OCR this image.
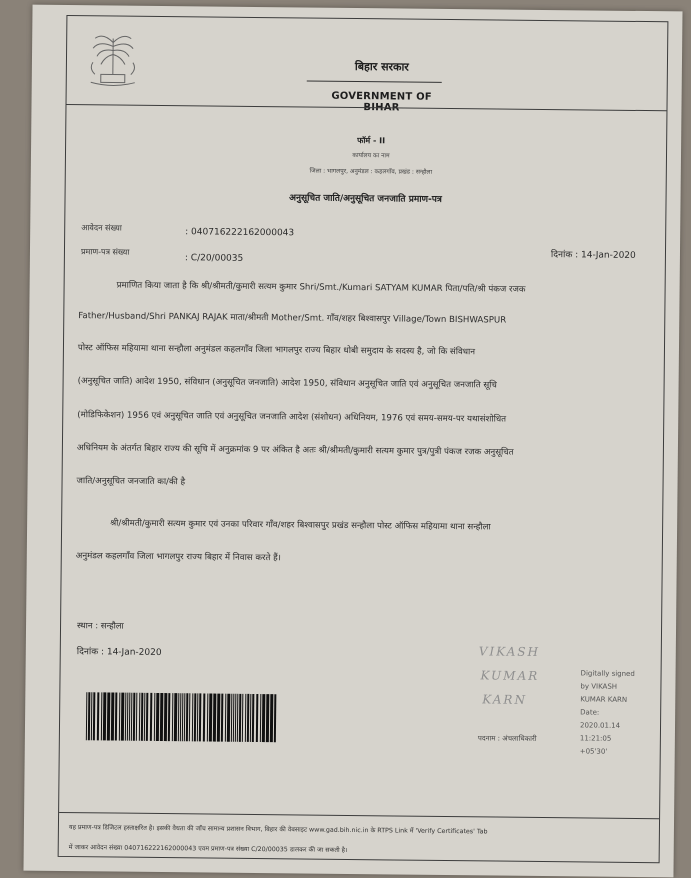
बिहार सरकार
GOVERNMENT OF BIHAR
फॉर्म - II
कार्यालय का नाम
जिला : भागलपुर, अनुमंडल : कहलगाँव, प्रखंड : सन्हौला
अनुसूचित जाति/अनुसूचित जनजाति प्रमाण-पत्र
आवेदन संख्या	: 040716222162000043
प्रमाण-पत्र संख्या
: C/20/00035	दिनांक : 14-Jan-2020
प्रमाणित किया जाता है कि श्री/श्रीमती/कुमारी सत्यम कुमार Shri/Smt./Kumari SATYAM KUMAR पिता/पति/श्री पंकज रजक
Father/Husband/Shri PANKAJ RAJAK माता/श्रीमती Mother/Smt. गाँव/शहर बिश्वासपुर Village/Town BISHWASPUR
पोस्ट ऑफिस महियामा थाना सन्हौला अनुमंडल कहलगाँव जिला भागलपुर राज्य बिहार धोबी समुदाय के सदस्य है, जो कि संविधान
(अनुसूचित जाति) आदेश 1950, संविधान (अनुसूचित जनजाति) आदेश 1950, संविधान अनुसूचित जाति एवं अनुसूचित जनजाति सूचि
(मोडिफिकेशन) 1956 एवं अनुसूचित जाति एवं अनुसूचित जनजाति आदेश (संशोधन) अधिनियम, 1976 एवं समय-समय-पर यथासंशोधित
अधिनियम के अंतर्गत बिहार राज्य की सूचि में अनुक्रमांक 9 पर अंकित है अतः श्री/श्रीमती/कुमारी सत्यम कुमार पुत्र/पुत्री पंकज रजक अनुसूचित
जाति/अनुसूचित जनजाति का/की है
श्री/श्रीमती/कुमारी सत्यम कुमार एवं उनका परिवार गाँव/शहर बिश्वासपुर प्रखंड सन्हौला पोस्ट ऑफिस महियामा थाना सन्हौला
अनुमंडल कहलगाँव जिला भागलपुर राज्य बिहार में निवास करते हैं।
स्थान : सन्हौला
दिनांक : 14-Jan-2020	VIKASH
KUMAR
KARN
Digitally signed
by VIKASH
KUMAR KARN
Date:
2020.01.14
11:21:05
+05'30'
पदनाम : अंचलाधिकारी
यह प्रमाण-पत्र डिजिटल हस्ताक्षरित है। इसकी वैधता की जाँच सामान्य प्रशासन विभाग, बिहार की वेबसाइट www.gad.bih.nic.in के RTPS Link में 'Verify Certificates' Tab
में जाकर आवेदन संख्या 040716222162000043 एवम प्रमाण-पत्र संख्या C/20/00035 डालकर की जा सकती है।
